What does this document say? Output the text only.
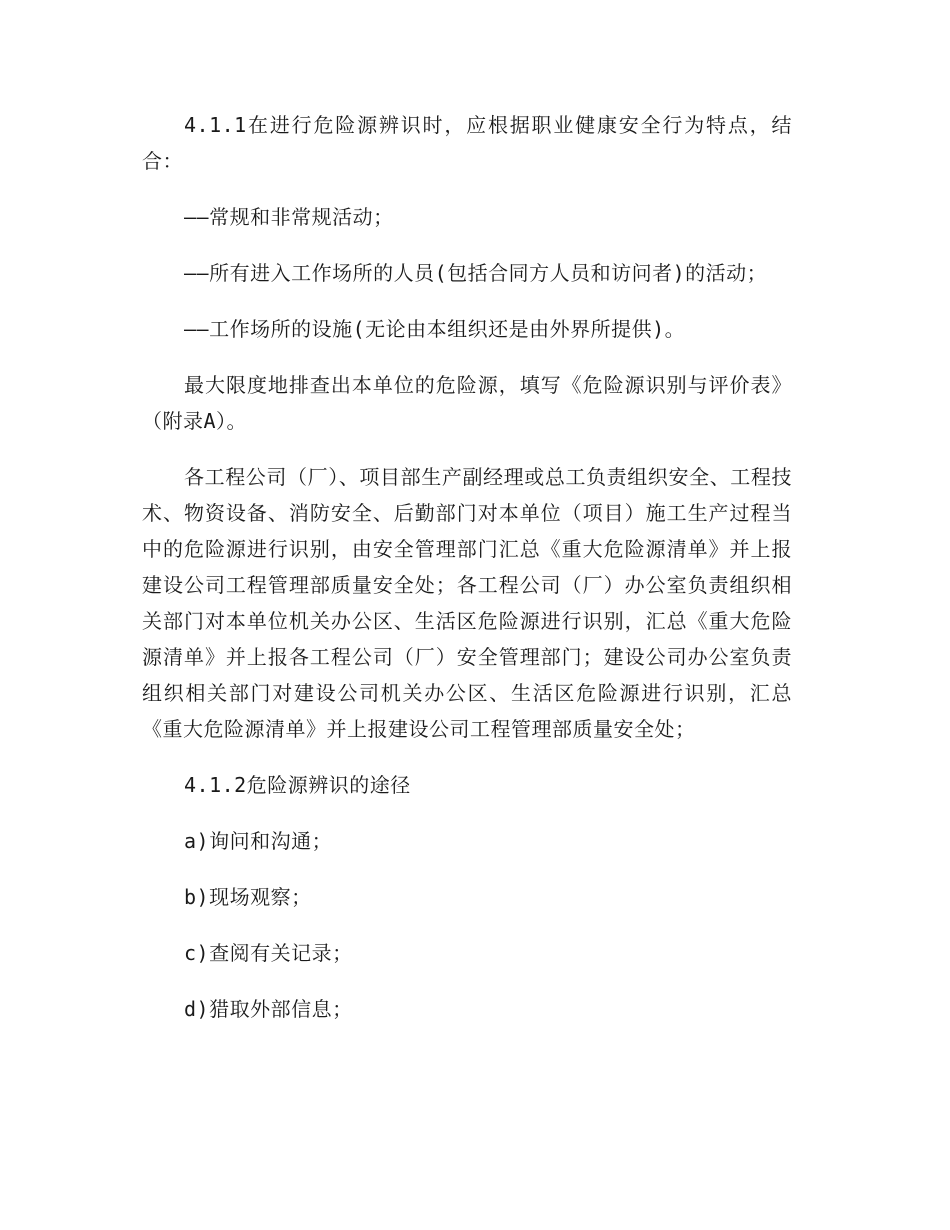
4.1.1在进行危险源辨识时，应根据职业健康安全行为特点，结合：

——常规和非常规活动；

——所有进入工作场所的人员(包括合同方人员和访问者)的活动；

——工作场所的设施(无论由本组织还是由外界所提供)。

最大限度地排查出本单位的危险源，填写《危险源识别与评价表》（附录A）。

各工程公司（厂）、项目部生产副经理或总工负责组织安全、工程技术、物资设备、消防安全、后勤部门对本单位（项目）施工生产过程当中的危险源进行识别，由安全管理部门汇总《重大危险源清单》并上报建设公司工程管理部质量安全处；各工程公司（厂）办公室负责组织相关部门对本单位机关办公区、生活区危险源进行识别，汇总《重大危险源清单》并上报各工程公司（厂）安全管理部门；建设公司办公室负责组织相关部门对建设公司机关办公区、生活区危险源进行识别，汇总《重大危险源清单》并上报建设公司工程管理部质量安全处；

4.1.2危险源辨识的途径

a)询问和沟通；

b)现场观察；

c)查阅有关记录；

d)猎取外部信息；
